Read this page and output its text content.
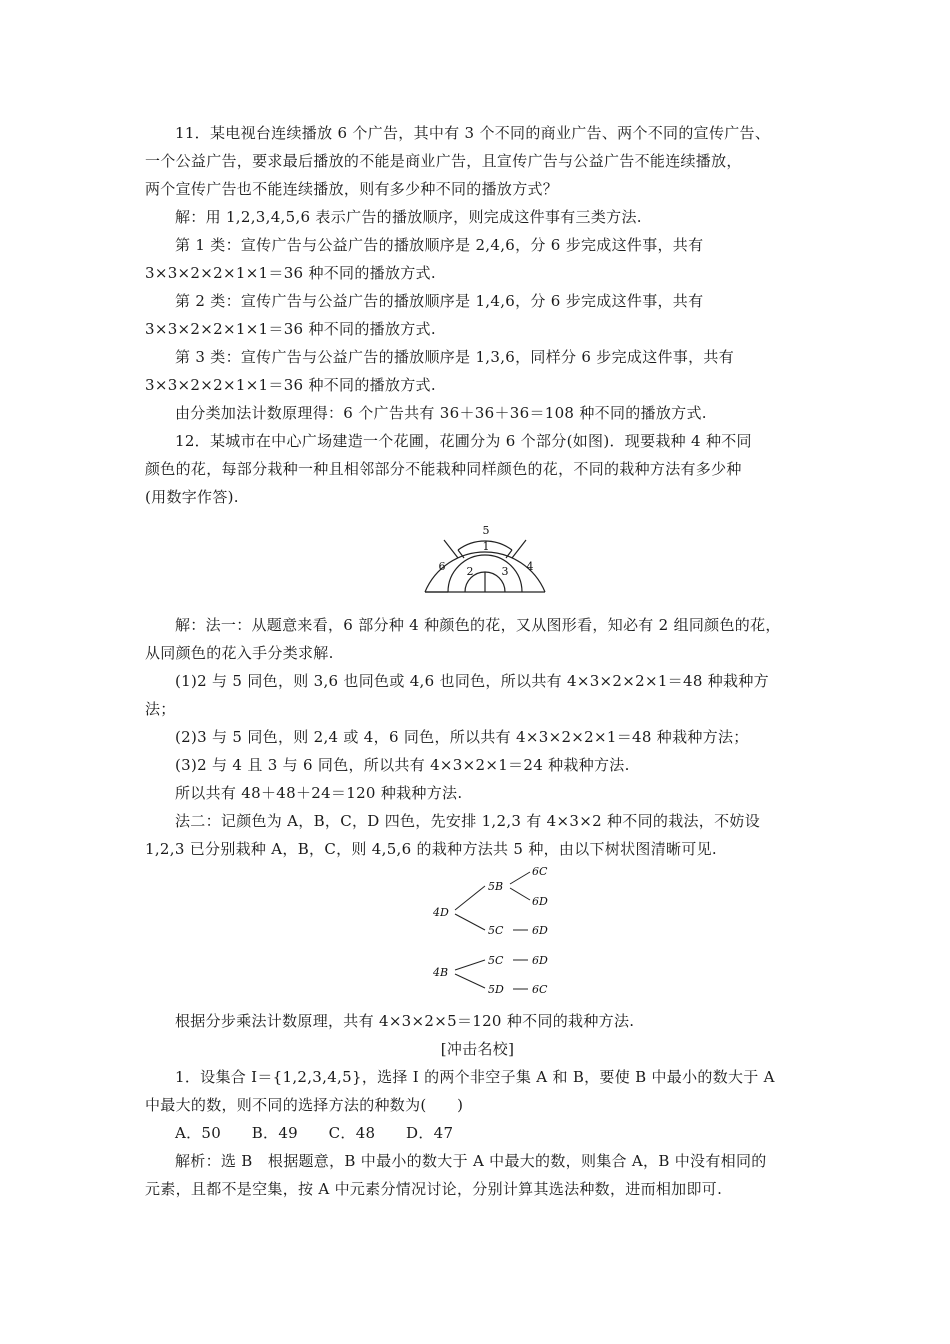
11．某电视台连续播放 6 个广告，其中有 3 个不同的商业广告、两个不同的宣传广告、
一个公益广告，要求最后播放的不能是商业广告，且宣传广告与公益广告不能连续播放，
两个宣传广告也不能连续播放，则有多少种不同的播放方式？
解：用 1,2,3,4,5,6 表示广告的播放顺序，则完成这件事有三类方法.
第 1 类：宣传广告与公益广告的播放顺序是 2,4,6，分 6 步完成这件事，共有
3×3×2×2×1×1＝36 种不同的播放方式.
第 2 类：宣传广告与公益广告的播放顺序是 1,4,6，分 6 步完成这件事，共有
3×3×2×2×1×1＝36 种不同的播放方式.
第 3 类：宣传广告与公益广告的播放顺序是 1,3,6，同样分 6 步完成这件事，共有
3×3×2×2×1×1＝36 种不同的播放方式.
由分类加法计数原理得：6 个广告共有 36＋36＋36＝108 种不同的播放方式.
12．某城市在中心广场建造一个花圃，花圃分为 6 个部分(如图)．现要栽种 4 种不同
颜色的花，每部分栽种一种且相邻部分不能栽种同样颜色的花，不同的栽种方法有多少种
(用数字作答).
5
1
6 2	3 4
解：法一：从题意来看，6 部分种 4 种颜色的花，又从图形看，知必有 2 组同颜色的花，
从同颜色的花入手分类求解.
(1)2 与 5 同色，则 3,6 也同色或 4,6 也同色，所以共有 4×3×2×2×1＝48 种栽种方
法；
(2)3 与 5 同色，则 2,4 或 4，6 同色，所以共有 4×3×2×2×1＝48 种栽种方法；
(3)2 与 4 且 3 与 6 同色，所以共有 4×3×2×1＝24 种栽种方法.
所以共有 48＋48＋24＝120 种栽种方法.
法二：记颜色为 A，B，C，D 四色，先安排 1,2,3 有 4×3×2 种不同的栽法，不妨设
1,2,3 已分别栽种 A，B，C，则 4,5,6 的栽种方法共 5 种，由以下树状图清晰可见.
4D
4B
5B
5C
5C
5D
6C
6D
6D
6D
6C
根据分步乘法计数原理，共有 4×3×2×5＝120 种不同的栽种方法.
[冲击名校]
1．设集合 I＝{1,2,3,4,5}，选择 I 的两个非空子集 A 和 B，要使 B 中最小的数大于 A
中最大的数，则不同的选择方法的种数为(　　)
A．50　　B．49　　C．48　　D．47
解析：选 B　根据题意，B 中最小的数大于 A 中最大的数，则集合 A，B 中没有相同的
元素，且都不是空集，按 A 中元素分情况讨论，分别计算其选法种数，进而相加即可.
